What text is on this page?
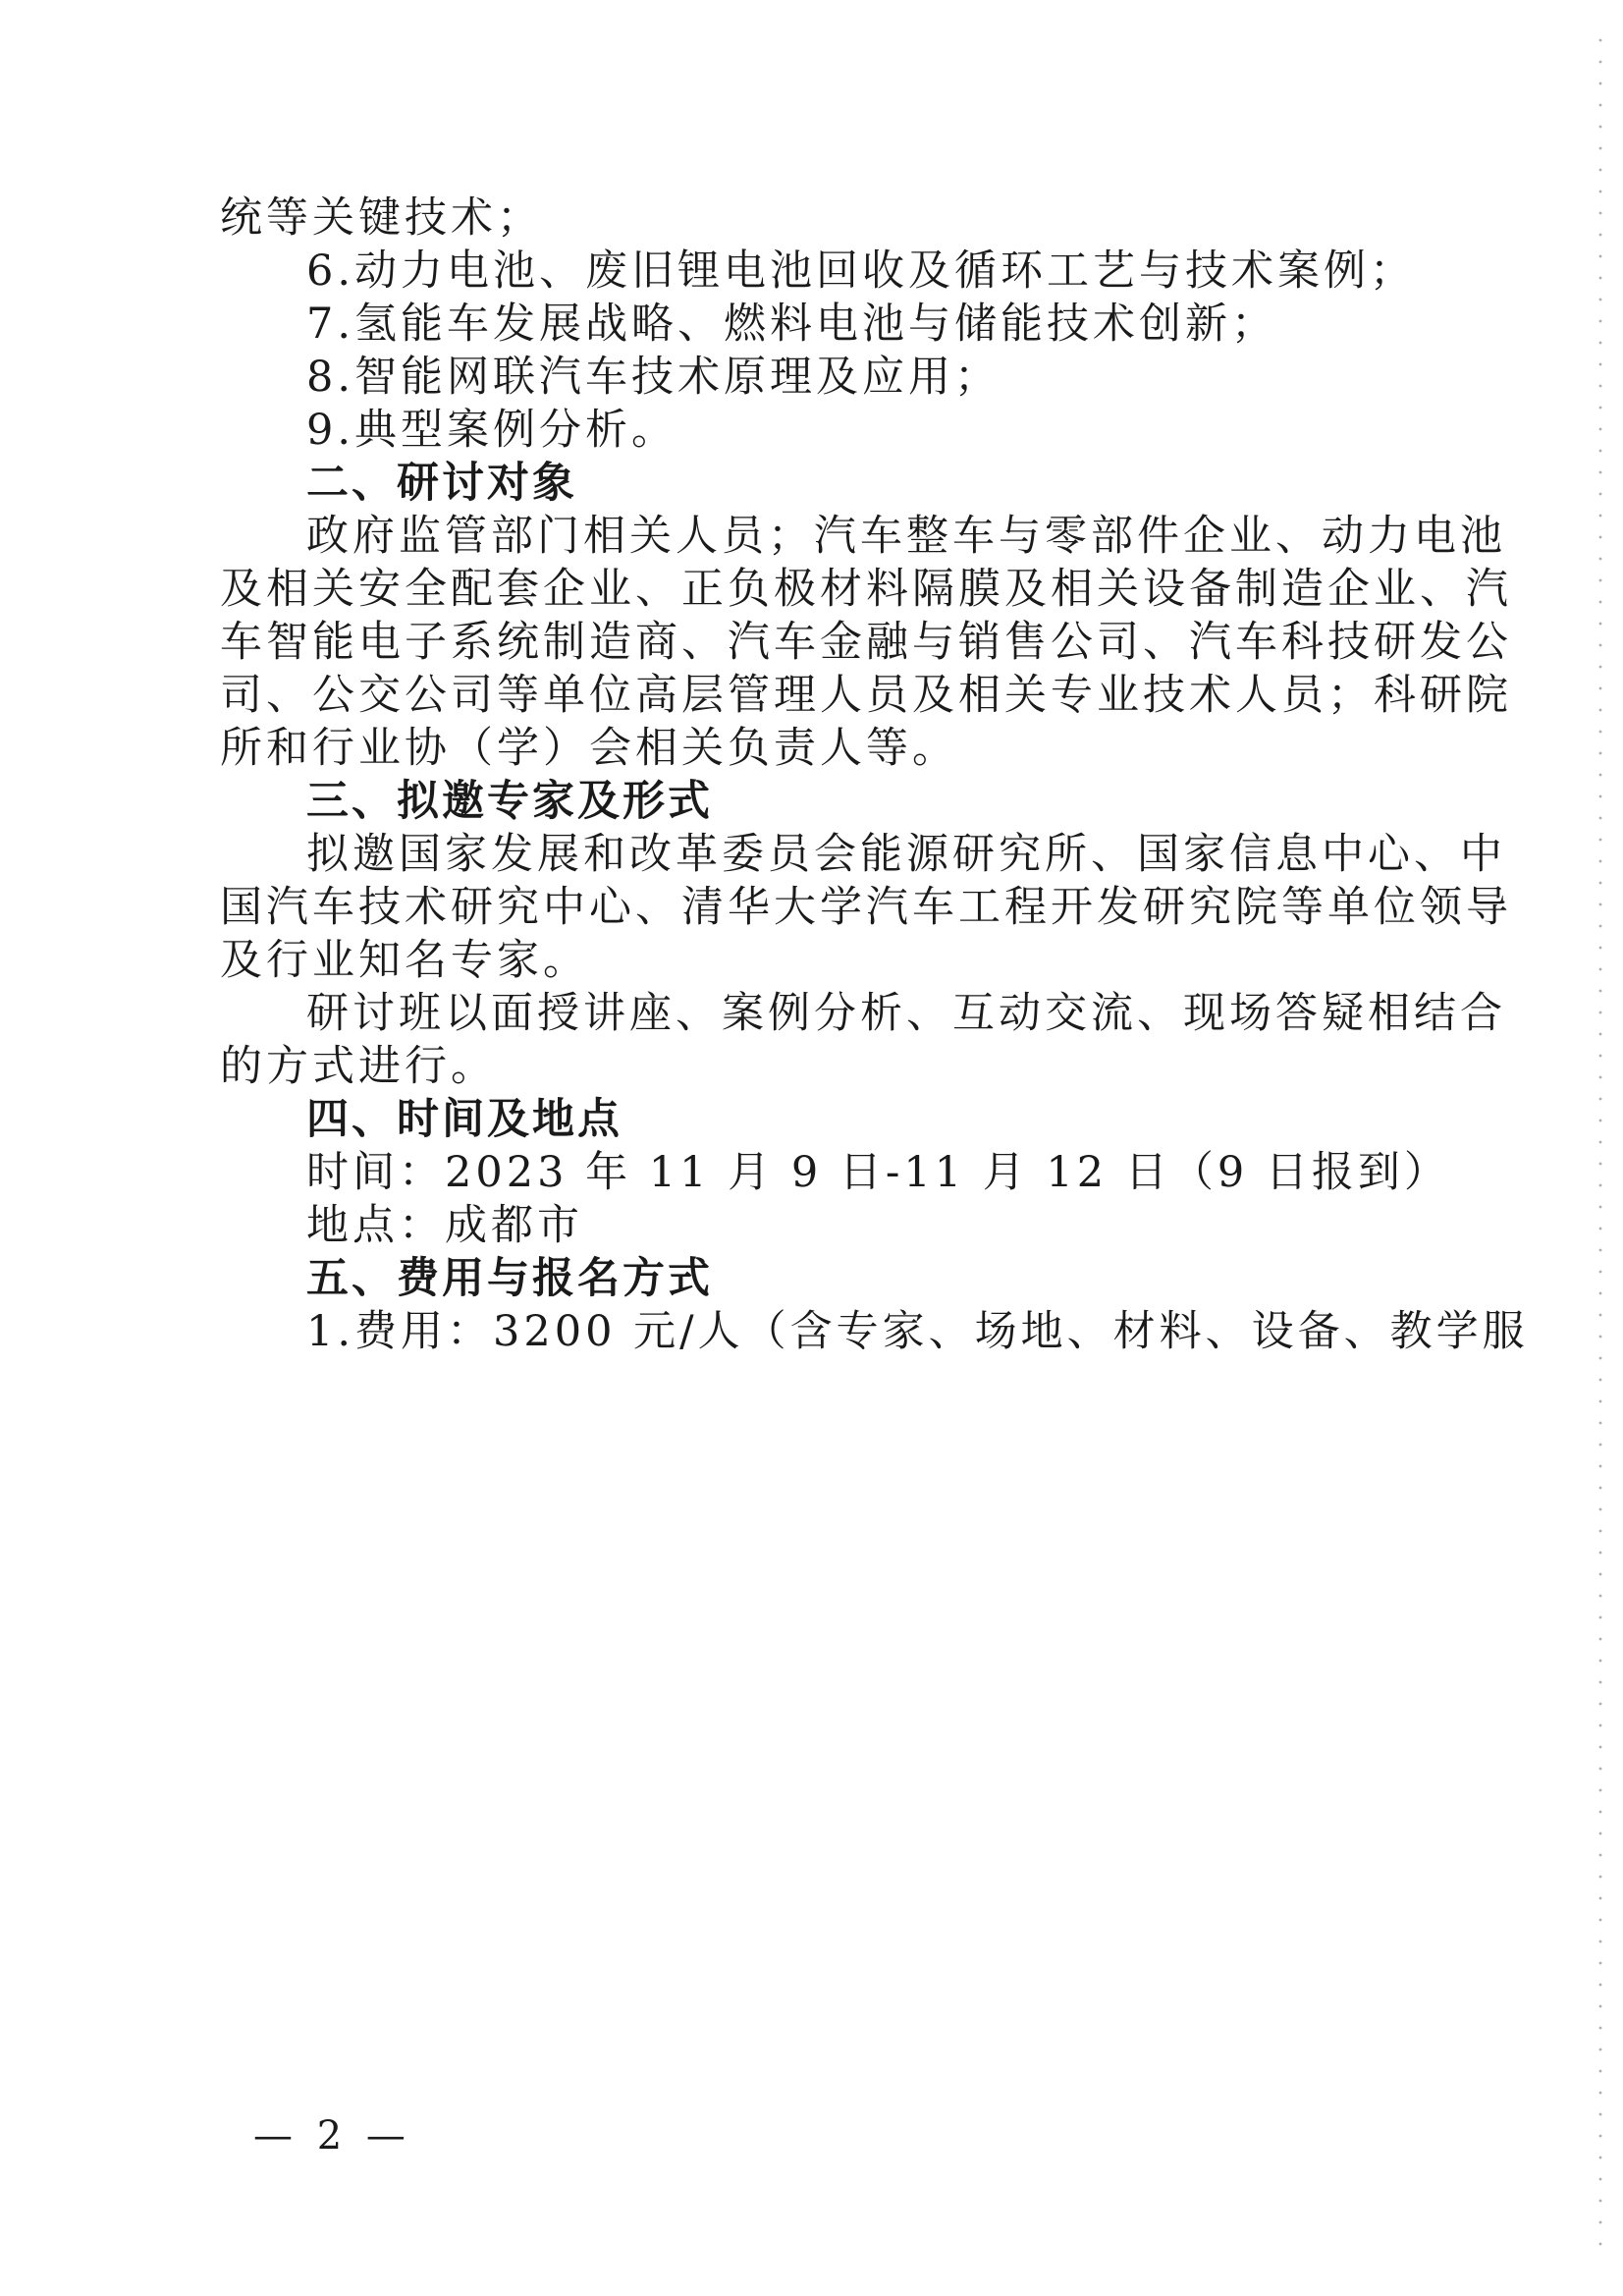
统等关键技术；
6.动力电池、废旧锂电池回收及循环工艺与技术案例；
7.氢能车发展战略、燃料电池与储能技术创新；
8.智能网联汽车技术原理及应用；
9.典型案例分析。
二、研讨对象
政府监管部门相关人员；汽车整车与零部件企业、动力电池
及相关安全配套企业、正负极材料隔膜及相关设备制造企业、汽
车智能电子系统制造商、汽车金融与销售公司、汽车科技研发公
司、公交公司等单位高层管理人员及相关专业技术人员；科研院
所和行业协（学）会相关负责人等。
三、拟邀专家及形式
拟邀国家发展和改革委员会能源研究所、国家信息中心、中
国汽车技术研究中心、清华大学汽车工程开发研究院等单位领导
及行业知名专家。
研讨班以面授讲座、案例分析、互动交流、现场答疑相结合
的方式进行。
四、时间及地点
时间：2023 年 11 月 9 日-11 月 12 日（9 日报到）
地点：成都市
五、费用与报名方式
1.费用：3200 元/人（含专家、场地、材料、设备、教学服
— 2 —
